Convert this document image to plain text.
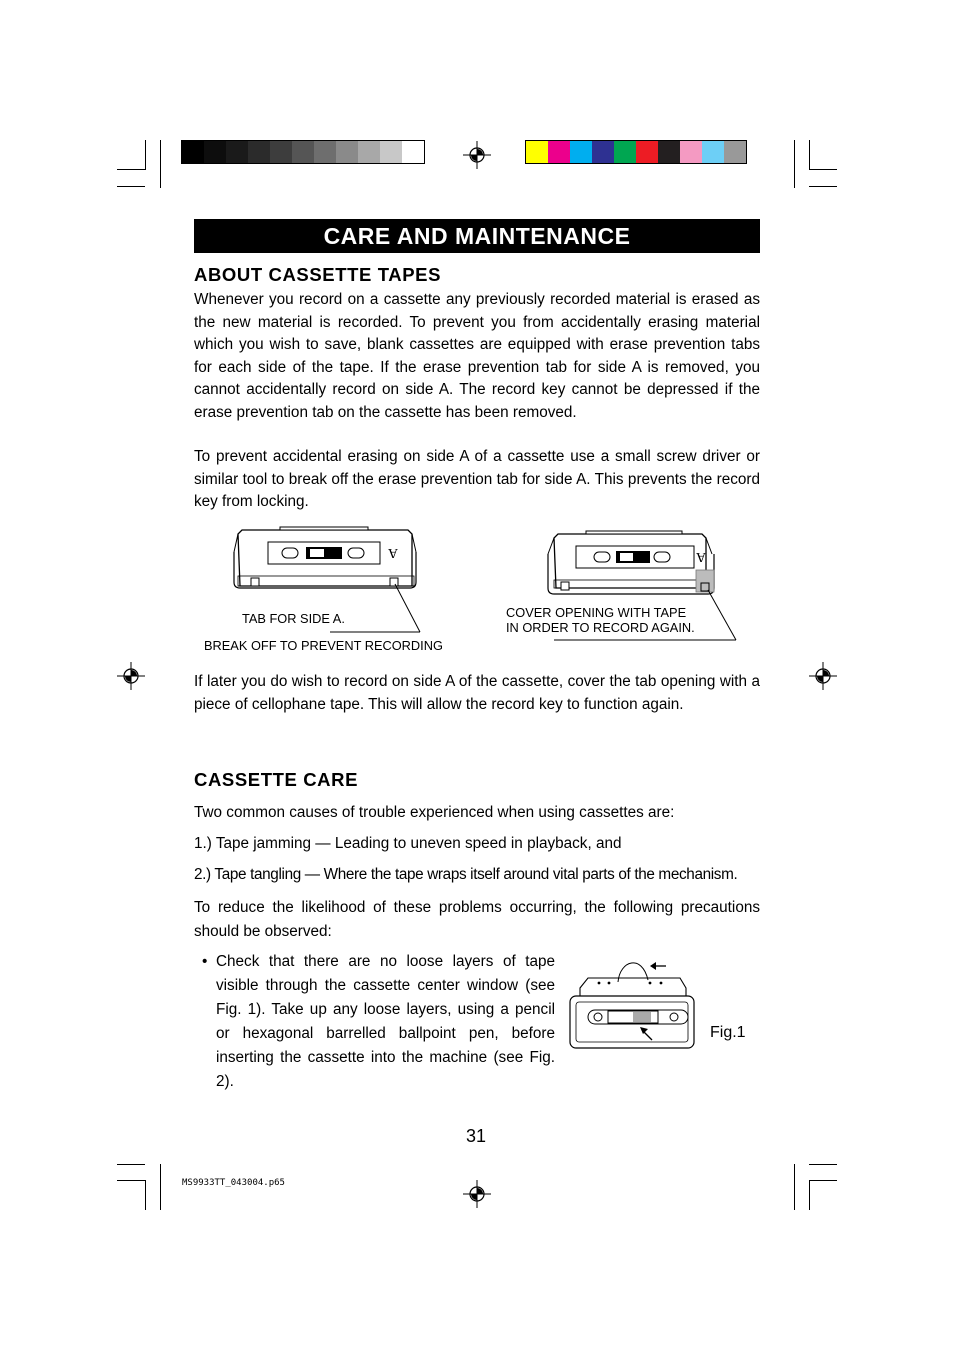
CARE AND MAINTENANCE
ABOUT CASSETTE TAPES

Whenever you record on a cassette any previously recorded material is erased as the new material is recorded. To prevent you from accidentally erasing material which you wish to save, blank cassettes are equipped with erase prevention tabs for each side of the tape. If the erase prevention tab for side A is removed, you cannot accidentally record on side A. The record key cannot be depressed if the erase prevention tab on the cassette has been removed.

To prevent accidental erasing on side A of a cassette use a small screw driver or similar tool to break off the erase prevention tab for side A. This prevents the record key from locking.

A
TAB FOR SIDE A.
BREAK OFF TO PREVENT RECORDING
A
COVER OPENING WITH TAPE
IN ORDER TO RECORD AGAIN.

If later you do wish to record on side A of the cassette, cover the tab opening with a piece of cellophane tape. This will allow the record key to function again.

CASSETTE CARE
Two common causes of trouble experienced when using cassettes are:
1.) Tape jamming — Leading to uneven speed in playback, and
2.) Tape tangling — Where the tape wraps itself around vital parts of the mechanism.

To reduce the likelihood of these problems occurring, the following precautions should be observed:

• Check that there are no loose layers of tape visible through the cassette center window (see Fig. 1). Take up any loose layers, using a pencil or hexagonal barrelled ballpoint pen, before inserting the cassette into the machine (see Fig. 2).
Fig.1
31
MS9933TT_043004.p65
